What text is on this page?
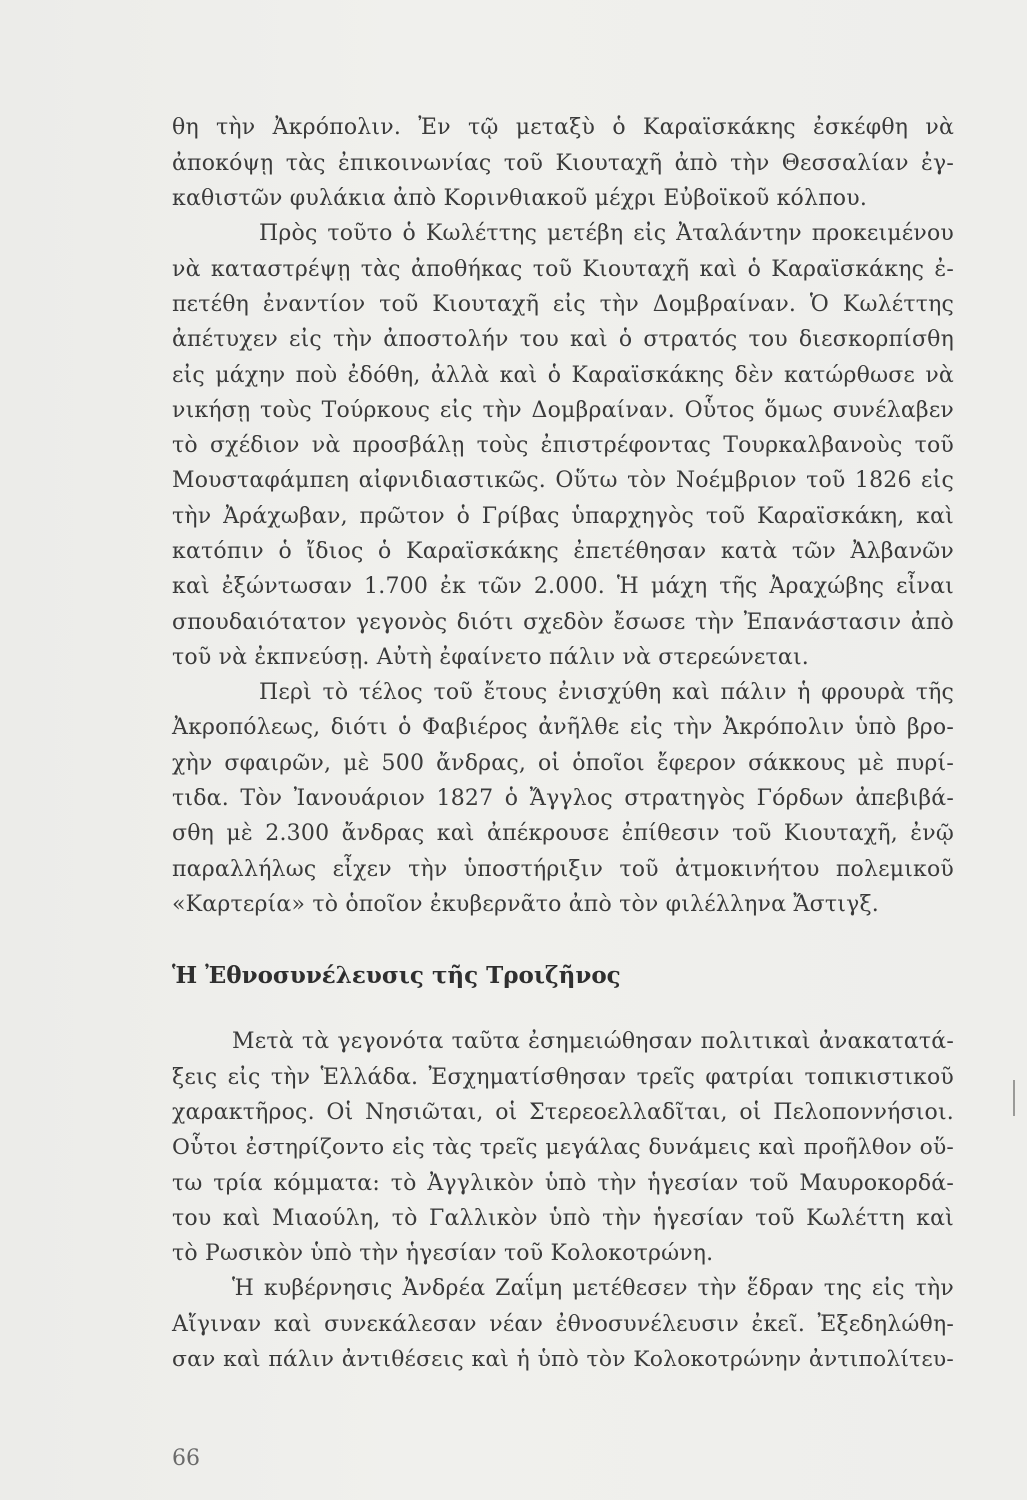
θη τὴν Ἀκρόπολιν. Ἐν τῷ μεταξὺ ὁ Καραϊσκάκης ἐσκέφθη νὰ
ἀποκόψῃ τὰς ἐπικοινωνίας τοῦ Κιουταχῆ ἀπὸ τὴν Θεσσαλίαν ἐγ-
καθιστῶν φυλάκια ἀπὸ Κορινθιακοῦ μέχρι Εὐβοϊκοῦ κόλπου.
Πρὸς τοῦτο ὁ Κωλέττης μετέβη εἰς Ἀταλάντην προκειμένου
νὰ καταστρέψῃ τὰς ἀποθήκας τοῦ Κιουταχῆ καὶ ὁ Καραϊσκάκης ἐ-
πετέθη ἐναντίον τοῦ Κιουταχῆ εἰς τὴν Δομβραίναν. Ὁ Κωλέττης
ἀπέτυχεν εἰς τὴν ἀποστολήν του καὶ ὁ στρατός του διεσκορπίσθη
εἰς μάχην ποὺ ἐδόθη, ἀλλὰ καὶ ὁ Καραϊσκάκης δὲν κατώρθωσε νὰ
νικήσῃ τοὺς Τούρκους εἰς τὴν Δομβραίναν. Οὗτος ὅμως συνέλαβεν
τὸ σχέδιον νὰ προσβάλῃ τοὺς ἐπιστρέφοντας Τουρκαλβανοὺς τοῦ
Μουσταφάμπεη αἰφνιδιαστικῶς. Οὕτω τὸν Νοέμβριον τοῦ 1826 εἰς
τὴν Ἀράχωβαν, πρῶτον ὁ Γρίβας ὑπαρχηγὸς τοῦ Καραϊσκάκη, καὶ
κατόπιν ὁ ἴδιος ὁ Καραϊσκάκης ἐπετέθησαν κατὰ τῶν Ἀλβανῶν
καὶ ἐξώντωσαν 1.700 ἐκ τῶν 2.000. Ἡ μάχη τῆς Ἀραχώβης εἶναι
σπουδαιότατον γεγονὸς διότι σχεδὸν ἔσωσε τὴν Ἐπανάστασιν ἀπὸ
τοῦ νὰ ἐκπνεύσῃ. Αὐτὴ ἐφαίνετο πάλιν νὰ στερεώνεται.
Περὶ τὸ τέλος τοῦ ἔτους ἐνισχύθη καὶ πάλιν ἡ φρουρὰ τῆς
Ἀκροπόλεως, διότι ὁ Φαβιέρος ἀνῆλθε εἰς τὴν Ἀκρόπολιν ὑπὸ βρο-
χὴν σφαιρῶν, μὲ 500 ἄνδρας, οἱ ὁποῖοι ἔφερον σάκκους μὲ πυρί-
τιδα. Τὸν Ἰανουάριον 1827 ὁ Ἄγγλος στρατηγὸς Γόρδων ἀπεβιβά-
σθη μὲ 2.300 ἄνδρας καὶ ἀπέκρουσε ἐπίθεσιν τοῦ Κιουταχῆ, ἐνῷ
παραλλήλως εἶχεν τὴν ὑποστήριξιν τοῦ ἀτμοκινήτου πολεμικοῦ
«Καρτερία» τὸ ὁποῖον ἐκυβερνᾶτο ἀπὸ τὸν φιλέλληνα Ἄστιγξ.
Ἡ Ἐθνοσυνέλευσις τῆς Τροιζῆνος
Μετὰ τὰ γεγονότα ταῦτα ἐσημειώθησαν πολιτικαὶ ἀνακατατά-
ξεις εἰς τὴν Ἑλλάδα. Ἐσχηματίσθησαν τρεῖς φατρίαι τοπικιστικοῦ
χαρακτῆρος. Οἱ Νησιῶται, οἱ Στερεοελλαδῖται, οἱ Πελοποννήσιοι.
Οὗτοι ἐστηρίζοντο εἰς τὰς τρεῖς μεγάλας δυνάμεις καὶ προῆλθον οὕ-
τω τρία κόμματα: τὸ Ἀγγλικὸν ὑπὸ τὴν ἡγεσίαν τοῦ Μαυροκορδά-
του καὶ Μιαούλη, τὸ Γαλλικὸν ὑπὸ τὴν ἡγεσίαν τοῦ Κωλέττη καὶ
τὸ Ρωσικὸν ὑπὸ τὴν ἡγεσίαν τοῦ Κολοκοτρώνη.
Ἡ κυβέρνησις Ἀνδρέα Ζαΐμη μετέθεσεν τὴν ἕδραν της εἰς τὴν
Αἴγιναν καὶ συνεκάλεσαν νέαν ἐθνοσυνέλευσιν ἐκεῖ. Ἐξεδηλώθη-
σαν καὶ πάλιν ἀντιθέσεις καὶ ἡ ὑπὸ τὸν Κολοκοτρώνην ἀντιπολίτευ-
66
